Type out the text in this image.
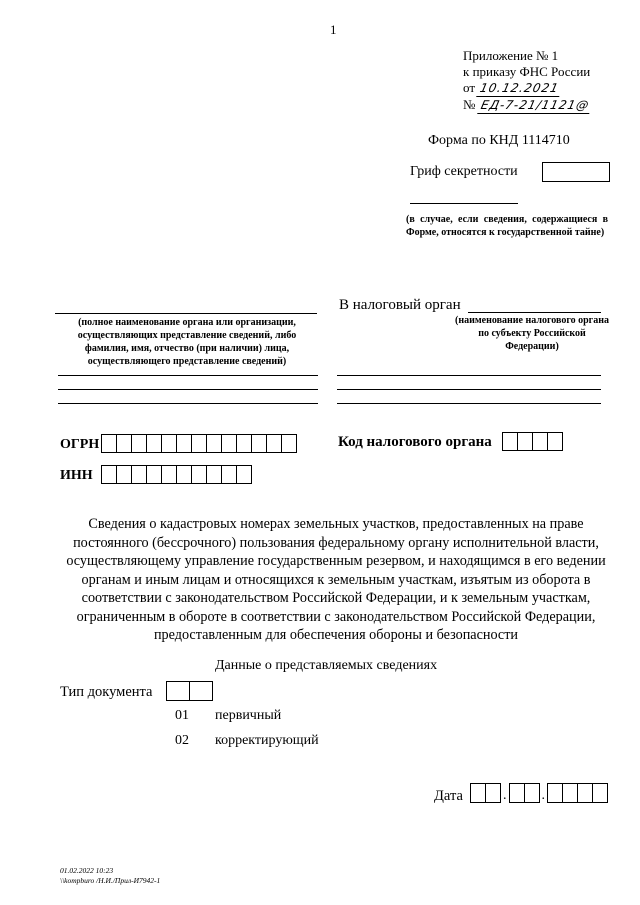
1
Приложение № 1
к приказу ФНС России
от 10.12.2021
№ ЕД-7-21/1121@
Форма по КНД 1114710
Гриф секретности
(в случае, если сведения, содержащиеся в Форме, относятся к государственной тайне)
(полное наименование органа или организации, осуществляющих представление сведений, либо фамилия, имя, отчество (при наличии) лица, осуществляющего представление сведений)
В налоговый орган
(наименование налогового органа по субъекту Российской Федерации)
ОГРН
ИНН
Код налогового органа
Сведения о кадастровых номерах земельных участков, предоставленных на праве постоянного (бессрочного) пользования федеральному органу исполнительной власти, осуществляющему управление государственным резервом, и находящимся в его ведении органам и иным лицам и относящихся к земельным участкам, изъятым из оборота в соответствии с законодательством Российской Федерации, и к земельным участкам, ограниченным в обороте в соответствии с законодательством Российской Федерации, предоставленным для обеспечения обороны и безопасности
Данные о представляемых сведениях
Тип документа
01 первичный
02 корректирующий
Дата	.	.
01.02.2022 10:23
\\kompburo /Н.И./Прил-И7942-1
